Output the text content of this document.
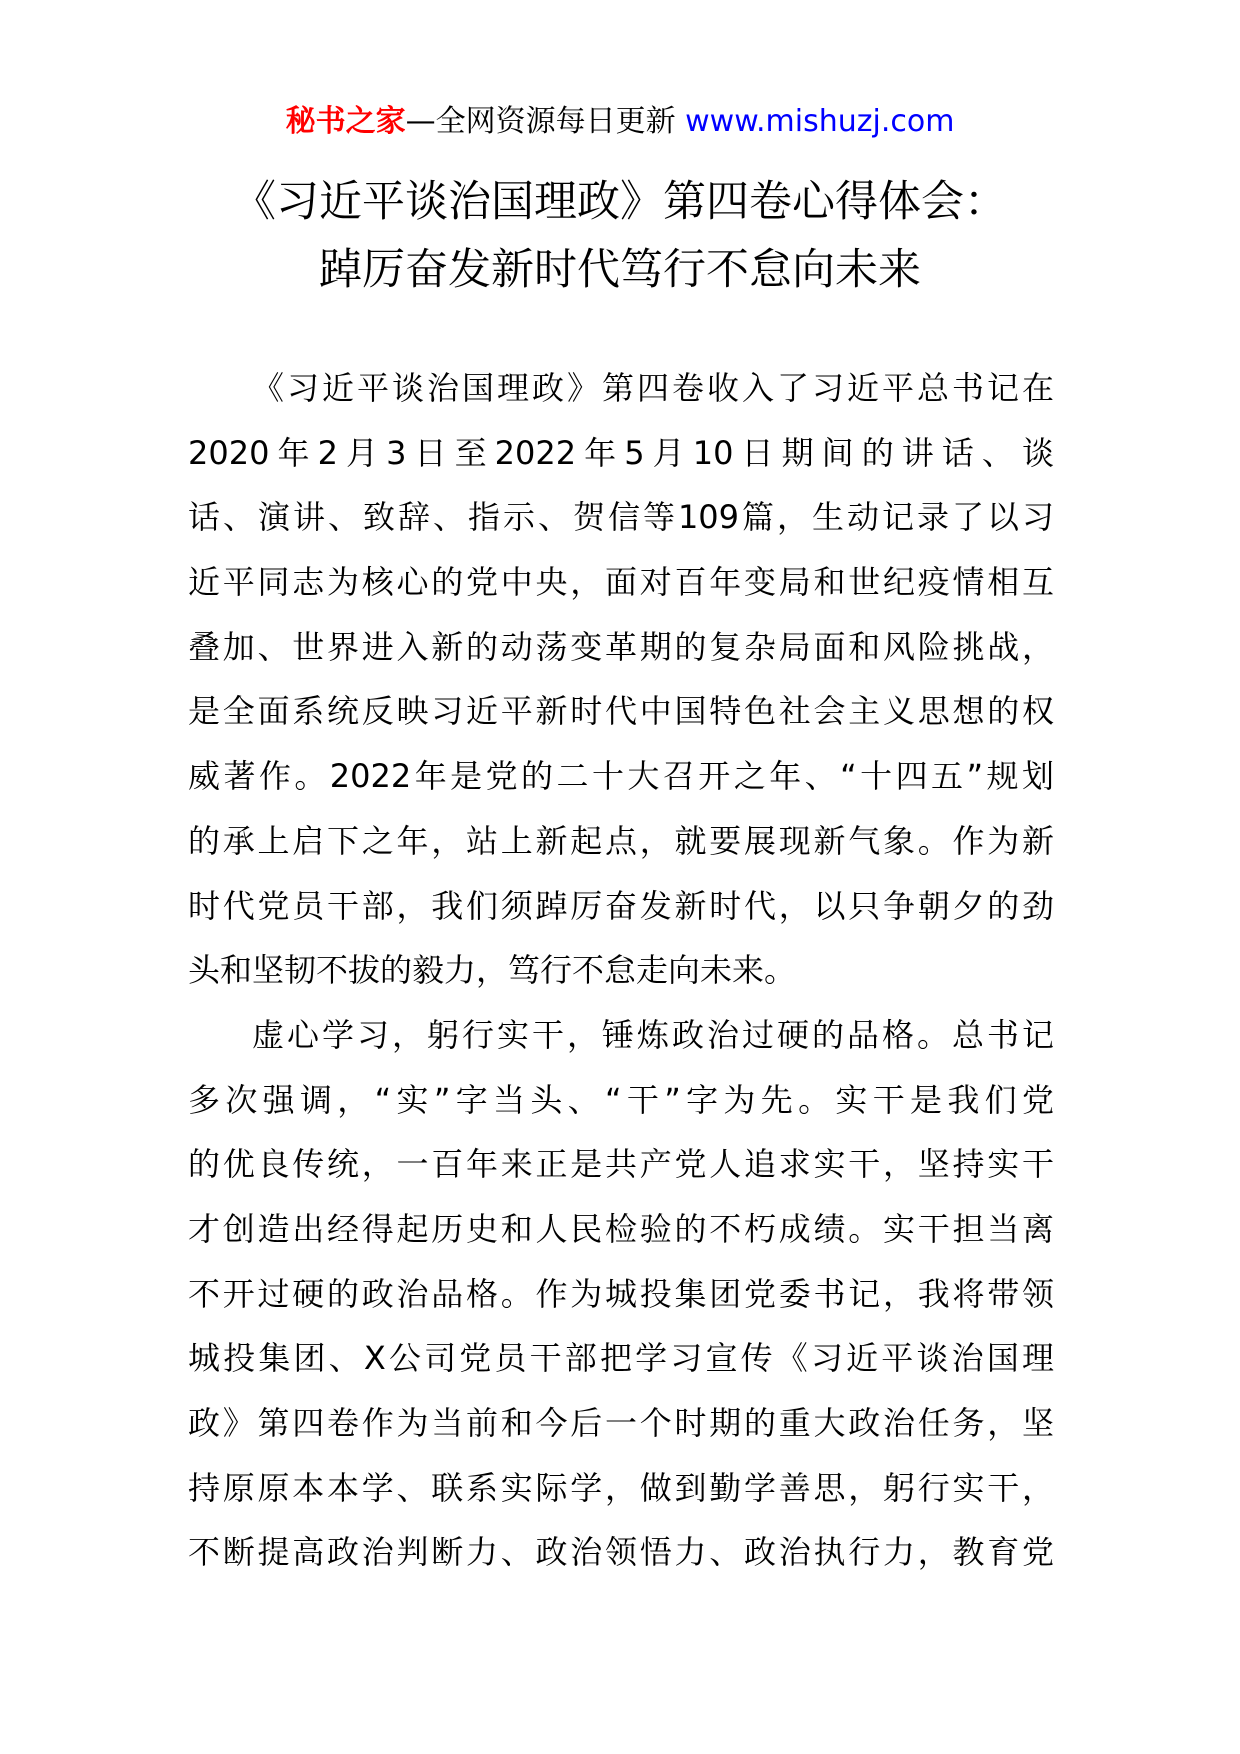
秘书之家—全网资源每日更新 www.mishuzj.com
《习近平谈治国理政》第四卷心得体会：
踔厉奋发新时代笃行不怠向未来
《习近平谈治国理政》第四卷收入了习近平总书记在
2020年2月3日至2022年5月10日期间的讲话、谈
话、演讲、致辞、指示、贺信等109篇，生动记录了以习
近平同志为核心的党中央，面对百年变局和世纪疫情相互
叠加、世界进入新的动荡变革期的复杂局面和风险挑战，
是全面系统反映习近平新时代中国特色社会主义思想的权
威著作。2022年是党的二十大召开之年、“十四五”规划
的承上启下之年，站上新起点，就要展现新气象。作为新
时代党员干部，我们须踔厉奋发新时代，以只争朝夕的劲
头和坚韧不拔的毅力，笃行不怠走向未来。
虚心学习，躬行实干，锤炼政治过硬的品格。总书记
多次强调，“实”字当头、“干”字为先。实干是我们党
的优良传统，一百年来正是共产党人追求实干，坚持实干
才创造出经得起历史和人民检验的不朽成绩。实干担当离
不开过硬的政治品格。作为城投集团党委书记，我将带领
城投集团、X公司党员干部把学习宣传《习近平谈治国理
政》第四卷作为当前和今后一个时期的重大政治任务，坚
持原原本本学、联系实际学，做到勤学善思，躬行实干，
不断提高政治判断力、政治领悟力、政治执行力，教育党
